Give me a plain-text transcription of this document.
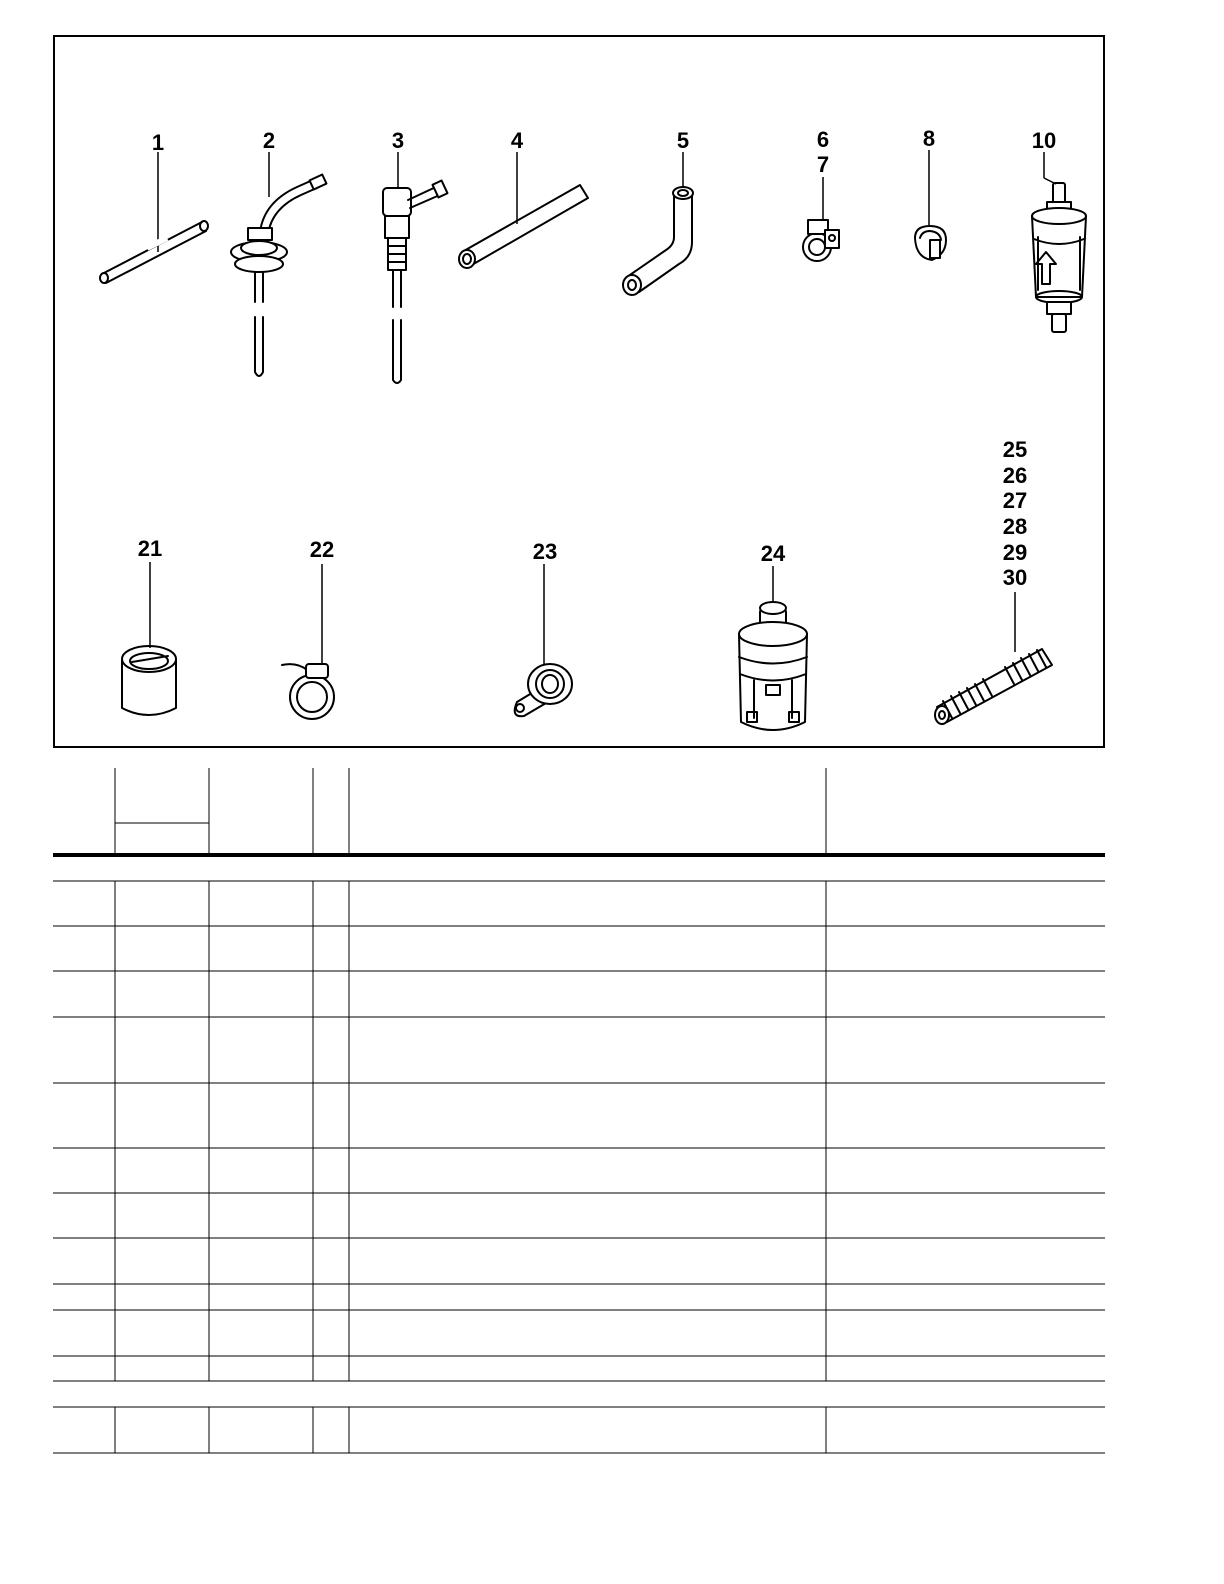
1	2	3	4	5	6
7
8	10
21	22	23	24
25
26
27
28
29
30
